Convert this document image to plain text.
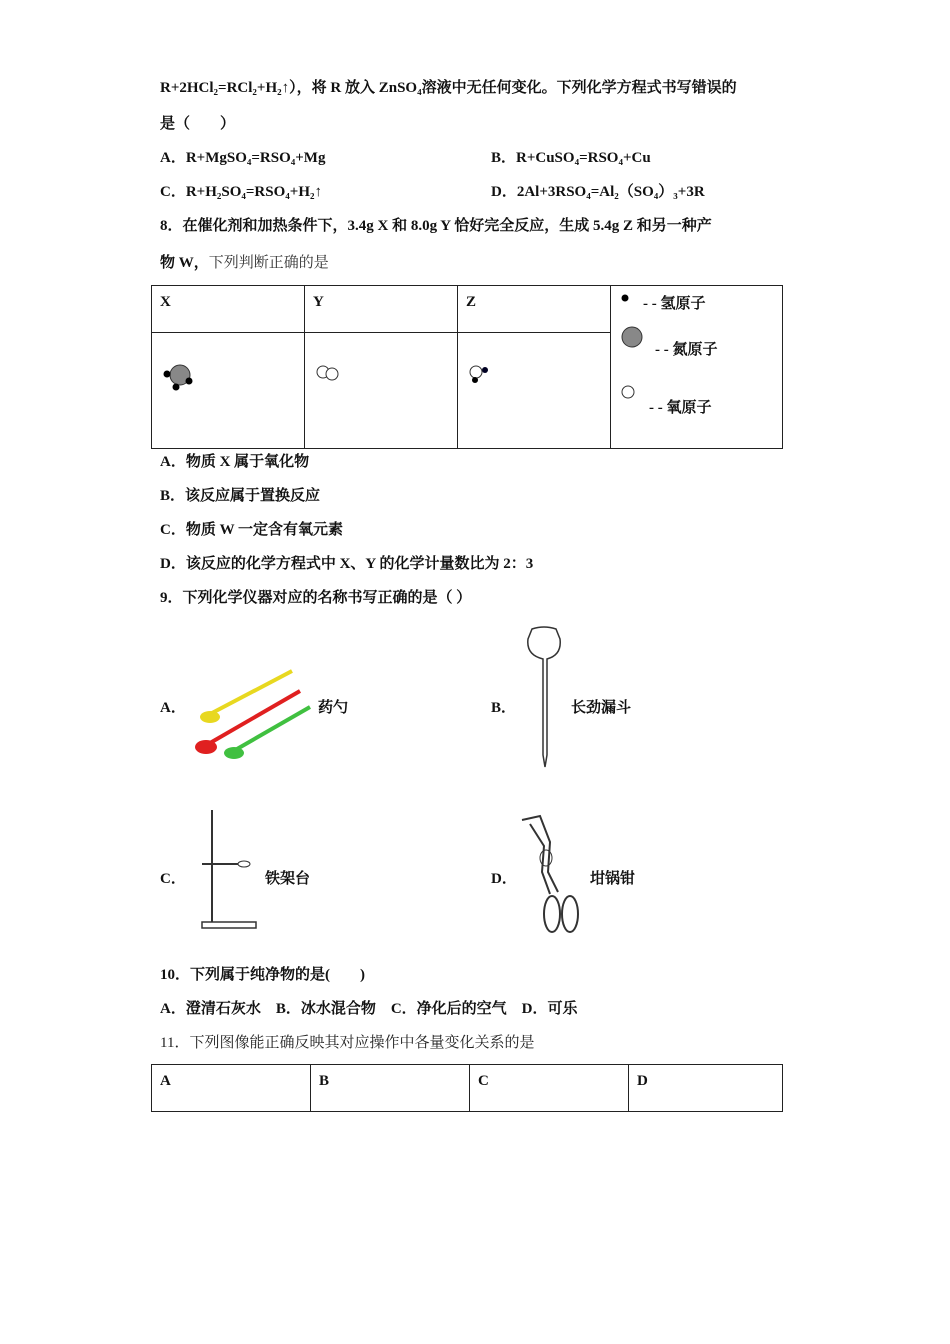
R+2HCl₂=RCl₂+H₂↑），将 R 放入 ZnSO₄溶液中无任何变化。下列化学方程式书写错误的
是（　　）
A．R+MgSO₄=RSO₄+Mg	B．R+CuSO₄=RSO₄+Cu
C．R+H₂SO₄=RSO₄+H₂↑	D．2Al+3RSO₄=Al₂（SO₄）₃+3R
8．在催化剂和加热条件下，3.4g X 和 8.0g Y 恰好完全反应，生成 5.4g Z 和另一种产
物 W，下列判断正确的是
X	Y	Z	- - 氢原子
- - 氮原子
- - 氧原子

A．物质 X 属于氧化物
B．该反应属于置换反应
C．物质 W 一定含有氧元素
D．该反应的化学方程式中 X、Y 的化学计量数比为 2：3
9．下列化学仪器对应的名称书写正确的是（ ）
A．	药勺	B．	长劲漏斗
C．	铁架台	D．	坩锅钳
10．下列属于纯净物的是(　　)
A．澄清石灰水　B．冰水混合物　C．净化后的空气　D．可乐
11．下列图像能正确反映其对应操作中各量变化关系的是
A	B	C	D
